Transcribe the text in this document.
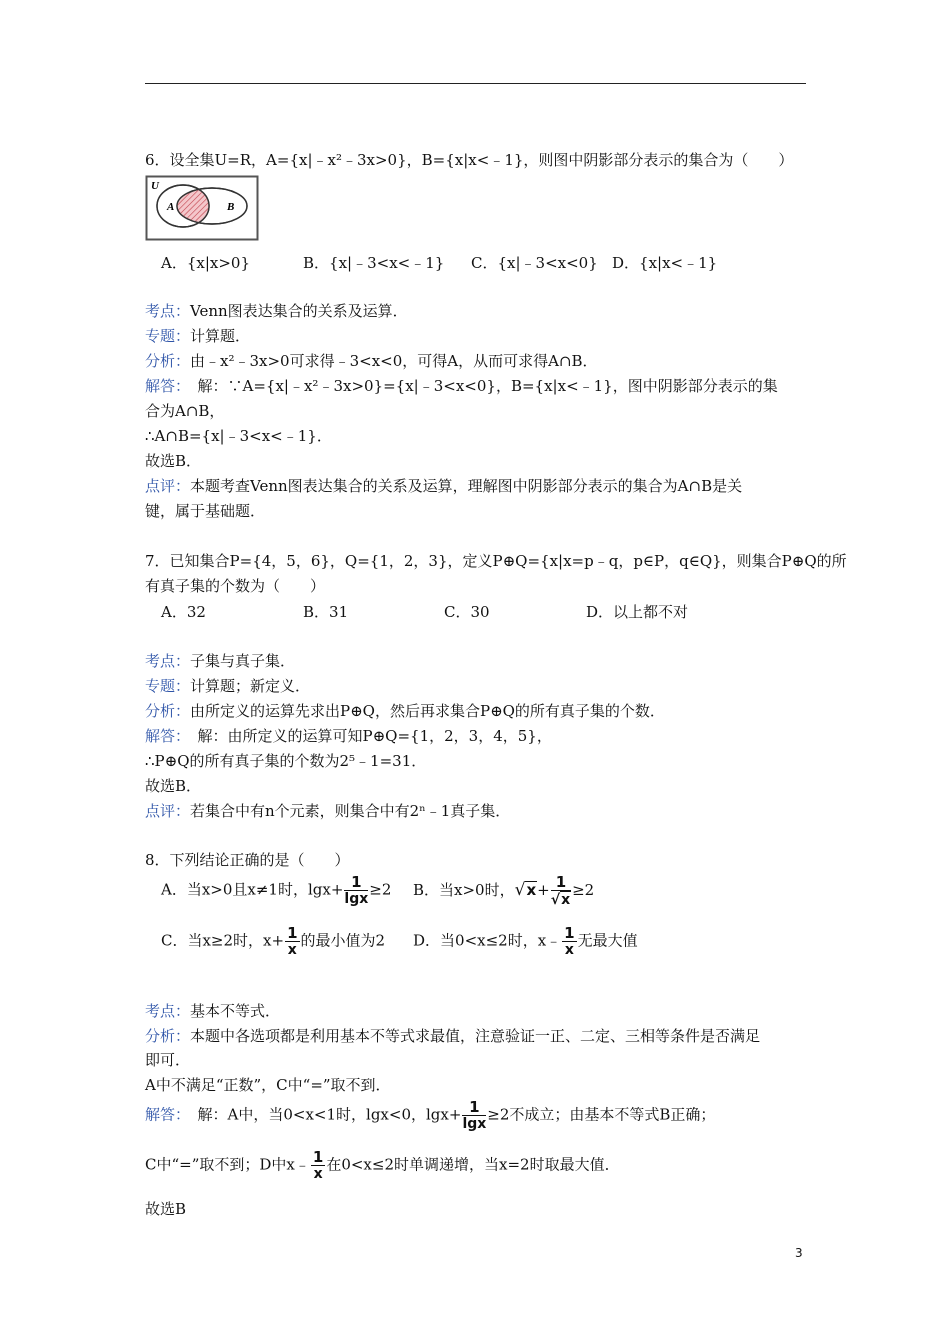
6．设全集U=R，A={x|﹣x²﹣3x>0}，B={x|x<﹣1}，则图中阴影部分表示的集合为（　　）
U
A	B
A．{x|x>0}	B．{x|﹣3<x<﹣1} C．{x|﹣3<x<0} D．{x|x<﹣1}
考点：Venn图表达集合的关系及运算．
专题：计算题．
分析：由﹣x²﹣3x>0可求得﹣3<x<0，可得A，从而可求得A∩B．
解答：　解：∵A={x|﹣x²﹣3x>0}={x|﹣3<x<0}，B={x|x<﹣1}，图中阴影部分表示的集
合为A∩B，
∴A∩B={x|﹣3<x<﹣1}．
故选B．
点评：本题考查Venn图表达集合的关系及运算，理解图中阴影部分表示的集合为A∩B是关
键，属于基础题．
7．已知集合P={4，5，6}，Q={1，2，3}，定义P⊕Q={x|x=p﹣q，p∈P，q∈Q}，则集合P⊕Q的所
有真子集的个数为（　　）
A．32	B．31	C．30	D．以上都不对
考点：子集与真子集．
专题：计算题；新定义．
分析：由所定义的运算先求出P⊕Q，然后再求集合P⊕Q的所有真子集的个数．
解答：　解：由所定义的运算可知P⊕Q={1，2，3，4，5}，
∴P⊕Q的所有真子集的个数为2⁵﹣1=31．
故选B．
点评：若集合中有n个元素，则集合中有2ⁿ﹣1真子集．
8．下列结论正确的是（　　）
A．当x>0且x≠1时，$\lg x+ \frac{1}{\lg x} \ge 2$ B．当x>0时，$√x+ \frac{1}{√x} \ge 2$
C．当x≥2时，$x+ \frac{1}{x}$ 的最小值为2 D．当0<x≤2时，x﹣ $\frac{1}{x}$ 无最大值
考点：基本不等式．
分析：本题中各选项都是利用基本不等式求最值，注意验证一正、二定、三相等条件是否满足
即可．
A中不满足“正数”，C中“=”取不到．
解答：　解：A中，当0<x<1时，lgx<0，$\lg x+ \frac{1}{\lg x} \ge 2$不成立；由基本不等式B正确；
C中“=”取不到；D中x﹣ $\frac{1}{x}$ 在0<x≤2时单调递增，当x=2时取最大值．
故选B
3
